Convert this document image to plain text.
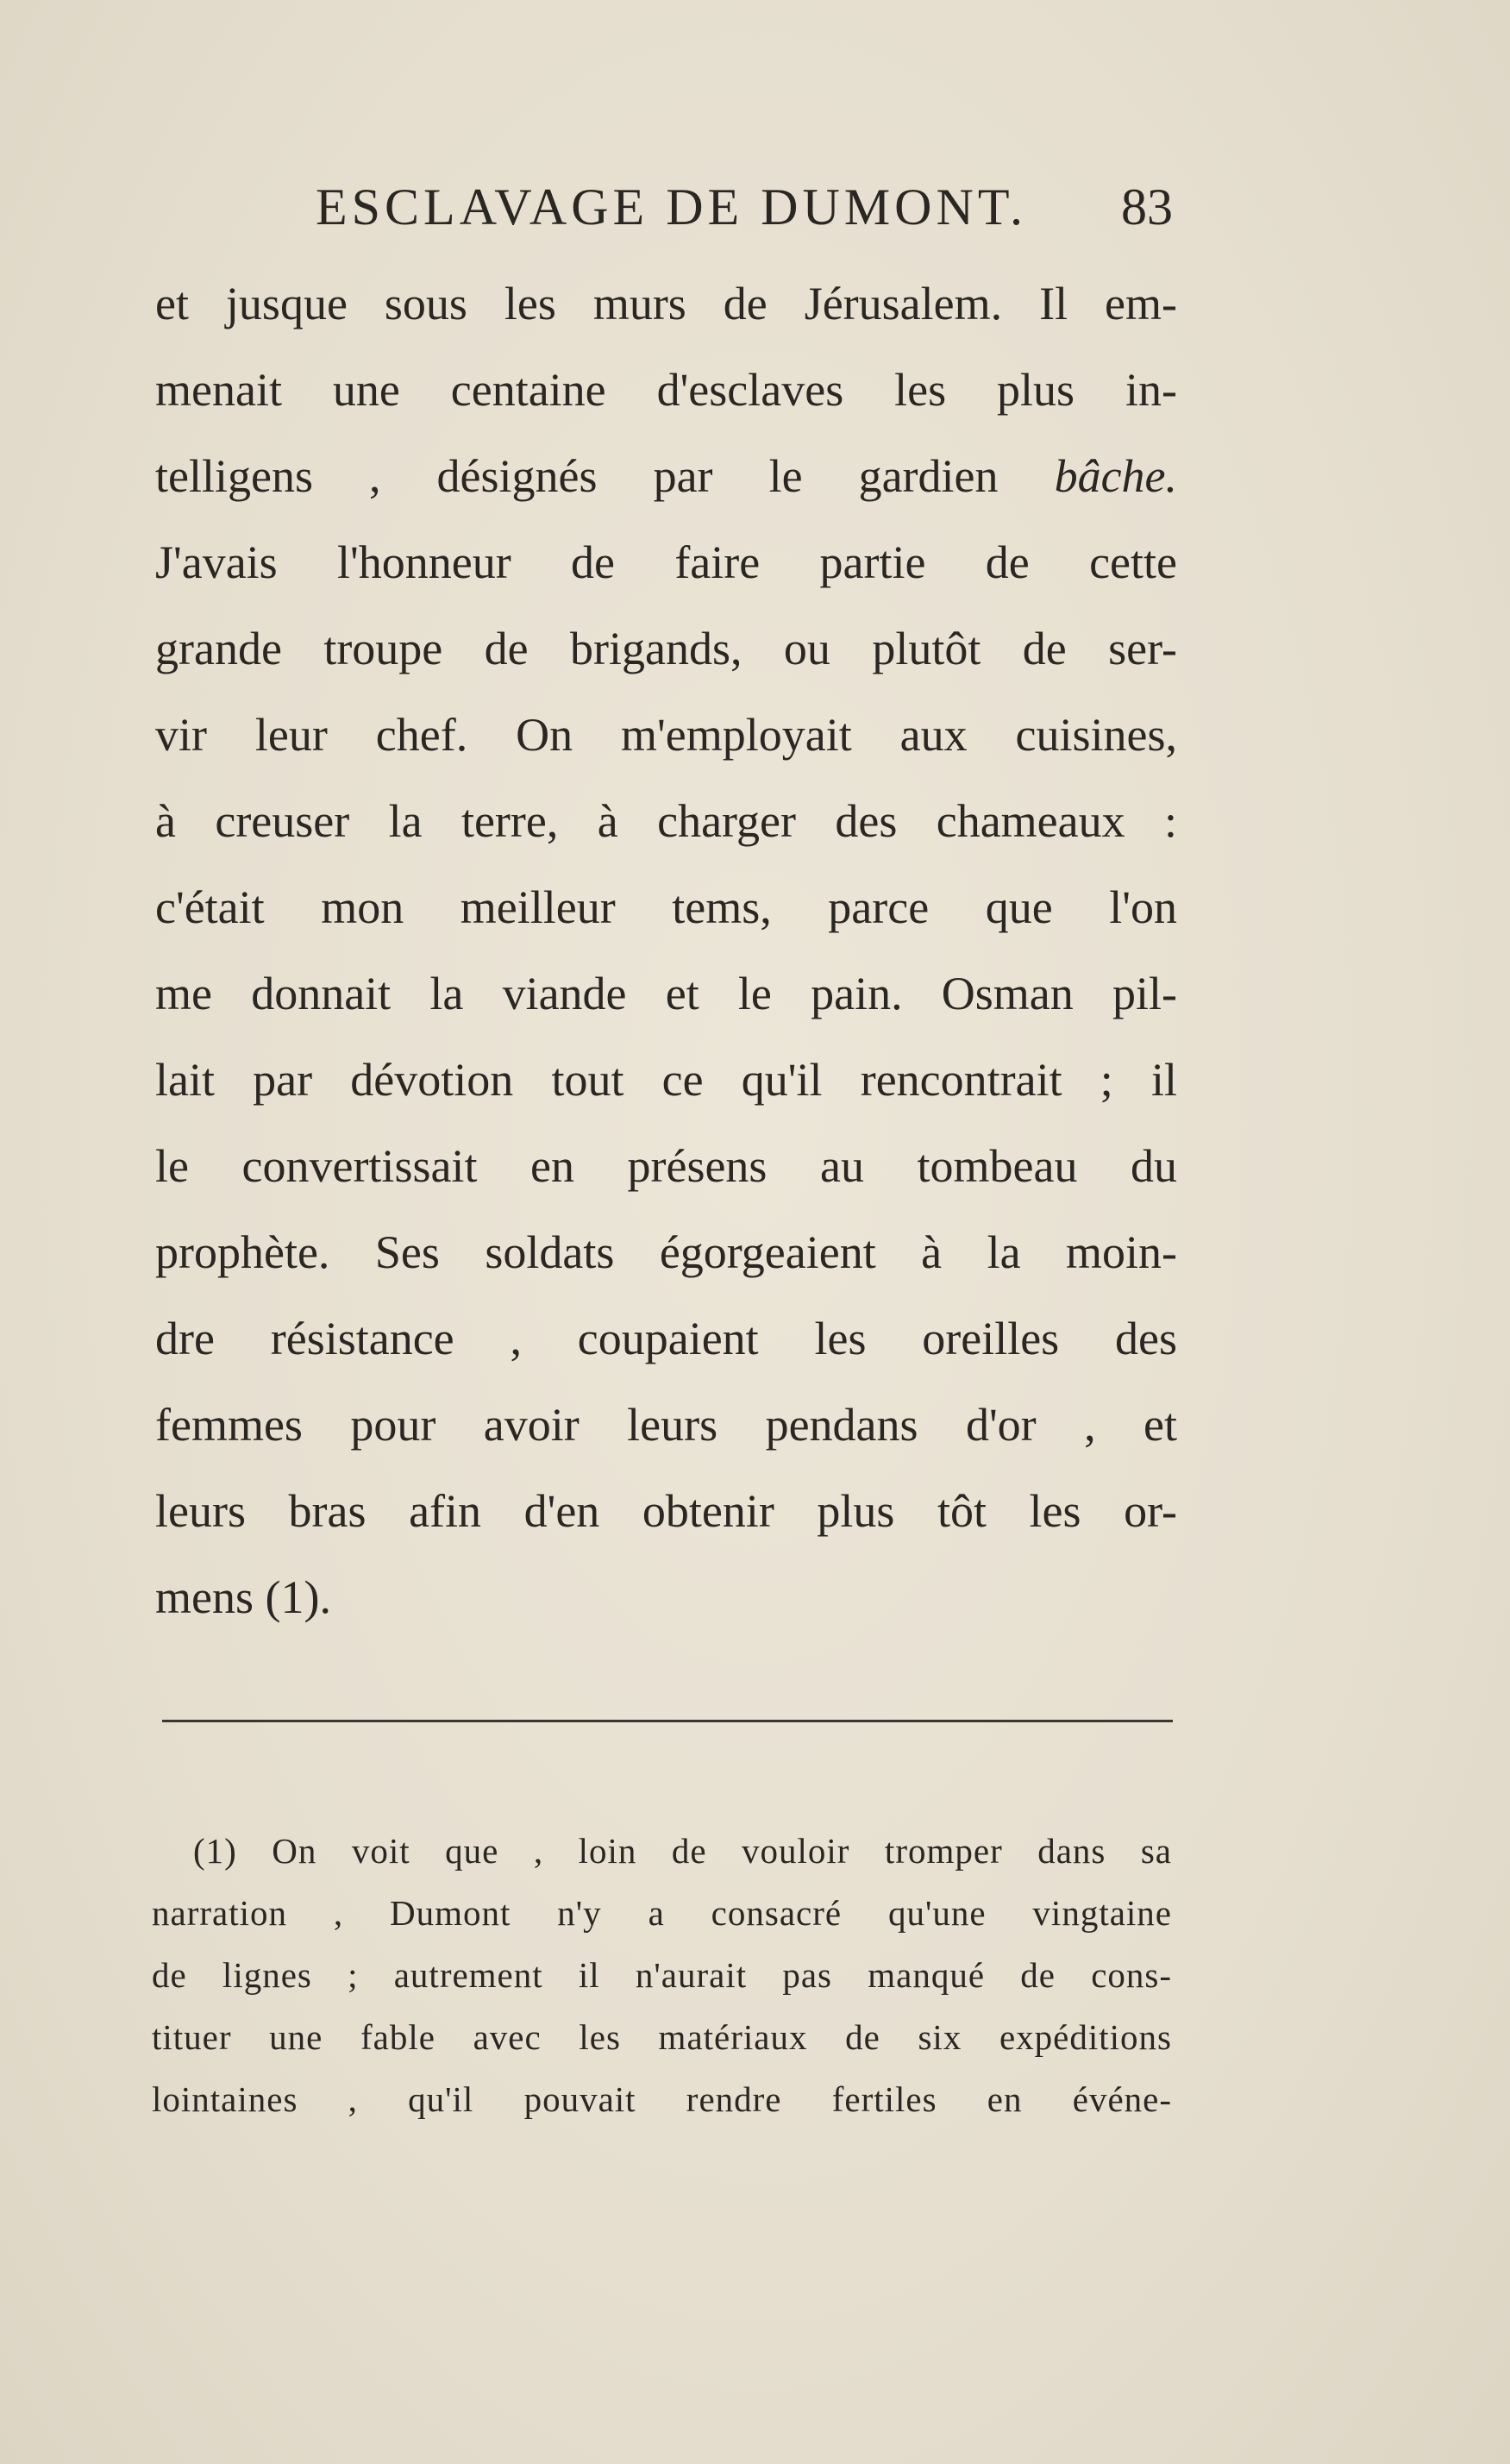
ESCLAVAGE DE DUMONT. 83
et jusque sous les murs de Jérusalem. Il em-
menait une centaine d'esclaves les plus in-
telligens , désignés par le gardien bâche.
J'avais l'honneur de faire partie de cette
grande troupe de brigands, ou plutôt de ser-
vir leur chef. On m'employait aux cuisines,
à creuser la terre, à charger des chameaux :
c'était mon meilleur tems, parce que l'on
me donnait la viande et le pain. Osman pil-
lait par dévotion tout ce qu'il rencontrait ; il
le convertissait en présens au tombeau du
prophète. Ses soldats égorgeaient à la moin-
dre résistance , coupaient les oreilles des
femmes pour avoir leurs pendans d'or , et
leurs bras afin d'en obtenir plus tôt les or-
mens (1).
(1) On voit que , loin de vouloir tromper dans sa
narration , Dumont n'y a consacré qu'une vingtaine
de lignes ; autrement il n'aurait pas manqué de cons-
tituer une fable avec les matériaux de six expéditions
lointaines , qu'il pouvait rendre fertiles en événe-
